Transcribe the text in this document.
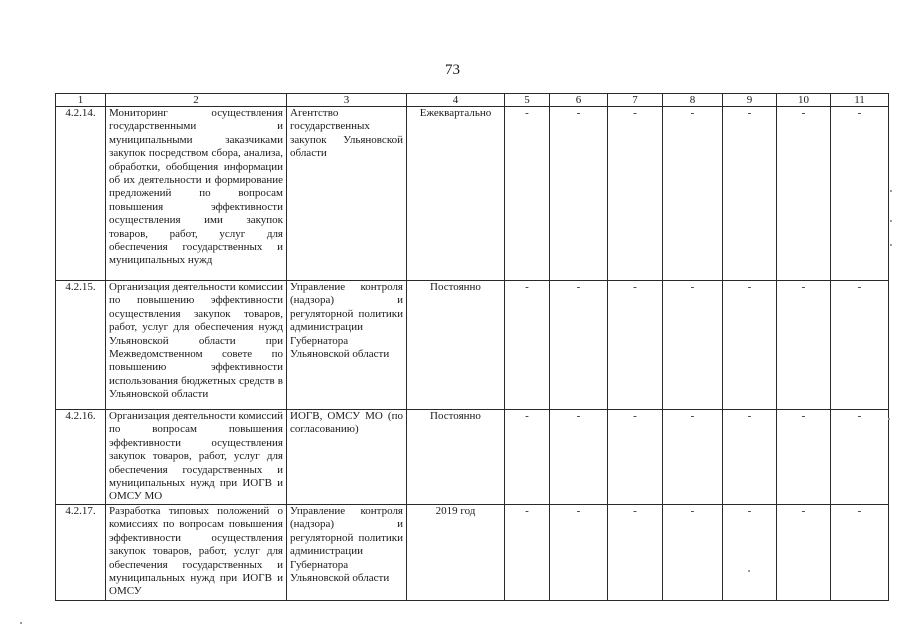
73
1	2	3	4	5	6	7	8	9	10	11
4.2.14.	Мониторинг осуществления государственными и муниципальными заказчиками закупок посредством сбора, анализа, обработки, обобщения информации об их деятельности и формирование предложений по вопросам повышения эффективности осуществления ими закупок товаров, работ, услуг для обеспечения государственных и муниципальных нужд	Агентство государственных закупок Ульяновской области	Ежеквартально	-	-	-	-	-	-	-
4.2.15.	Организация деятельности комиссии по повышению эффективности осуществления закупок товаров, работ, услуг для обеспечения нужд Ульяновской области при Межведомственном совете по повышению эффективности использования бюджетных средств в Ульяновской области	Управление контроля (надзора) и регуляторной политики администрации Губернатора Ульяновской области	Постоянно	-	-	-	-	-	-	-
4.2.16.	Организация деятельности комиссий по вопросам повышения эффективности осуществления закупок товаров, работ, услуг для обеспечения государственных и муниципальных нужд при ИОГВ и ОМСУ МО	ИОГВ, ОМСУ МО (по согласованию)	Постоянно	-	-	-	-	-	-	-
4.2.17.	Разработка типовых положений о комиссиях по вопросам повышения эффективности осуществления закупок товаров, работ, услуг для обеспечения государственных и муниципальных нужд при ИОГВ и ОМСУ	Управление контроля (надзора) и регуляторной политики администрации Губернатора Ульяновской области	2019 год	-	-	-	-	-	-	-
